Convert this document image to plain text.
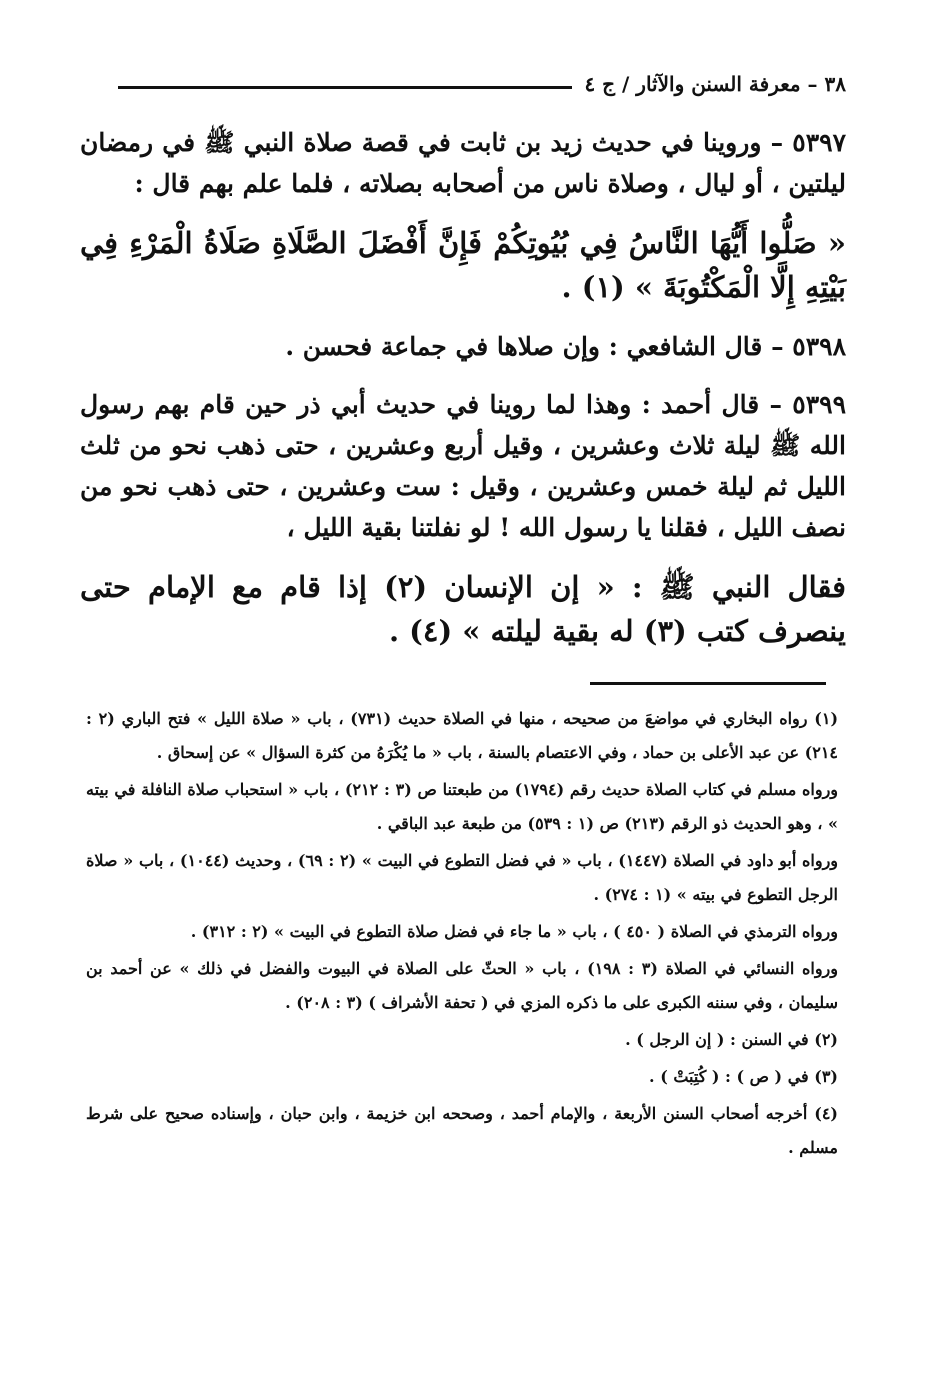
٣٨ – معرفة السنن والآثار / ج ٤

٥٣٩٧ – وروينا في حديث زيد بن ثابت في قصة صلاة النبي ﷺ في رمضان ليلتين ، أو ليال ، وصلاة ناس من أصحابه بصلاته ، فلما علم بهم قال :

« صَلُّوا أَيُّهَا النَّاسُ فِي بُيُوتِكُمْ فَإِنَّ أَفْضَلَ الصَّلَاةِ صَلَاةُ الْمَرْءِ فِي بَيْتِهِ إِلَّا الْمَكْتُوبَةَ » (١) .

٥٣٩٨ – قال الشافعي : وإن صلاها في جماعة فحسن .

٥٣٩٩ – قال أحمد : وهذا لما روينا في حديث أبي ذر حين قام بهم رسول الله ﷺ ليلة ثلاث وعشرين ، وقيل أربع وعشرين ، حتى ذهب نحو من ثلث الليل ثم ليلة خمس وعشرين ، وقيل : ست وعشرين ، حتى ذهب نحو من نصف الليل ، فقلنا يا رسول الله ! لو نفلتنا بقية الليل ،

فقال النبي ﷺ : « إن الإنسان (٢) إذا قام مع الإمام حتى ينصرف كتب (٣) له بقية ليلته » (٤) .

(١) رواه البخاري في مواضعَ من صحيحه ، منها في الصلاة حديث (٧٣١) ، باب « صلاة الليل » فتح الباري (٢ : ٢١٤) عن عبد الأعلى بن حماد ، وفي الاعتصام بالسنة ، باب « ما يُكْرَهُ من كثرة السؤال » عن إسحاق .

ورواه مسلم في كتاب الصلاة حديث رقم (١٧٩٤) من طبعتنا ص (٣ : ٢١٢) ، باب « استحباب صلاة النافلة في بيته » ، وهو الحديث ذو الرقم (٢١٣) ص (١ : ٥٣٩) من طبعة عبد الباقي .

ورواه أبو داود في الصلاة (١٤٤٧) ، باب « في فضل التطوع في البيت » (٢ : ٦٩) ، وحديث (١٠٤٤) ، باب « صلاة الرجل التطوع في بيته » (١ : ٢٧٤) .

ورواه الترمذي في الصلاة ( ٤٥٠ ) ، باب « ما جاء في فضل صلاة التطوع في البيت » (٢ : ٣١٢) .

ورواه النسائي في الصلاة (٣ : ١٩٨) ، باب « الحثّ على الصلاة في البيوت والفضل في ذلك » عن أحمد بن سليمان ، وفي سننه الكبرى على ما ذكره المزي في ( تحفة الأشراف ) (٣ : ٢٠٨) .

(٢) في السنن : ( إن الرجل ) .

(٣) في ( ص ) : ( كُتِبَتْ ) .

(٤) أخرجه أصحاب السنن الأربعة ، والإمام أحمد ، وصححه ابن خزيمة ، وابن حبان ، وإسناده صحيح على شرط مسلم .
